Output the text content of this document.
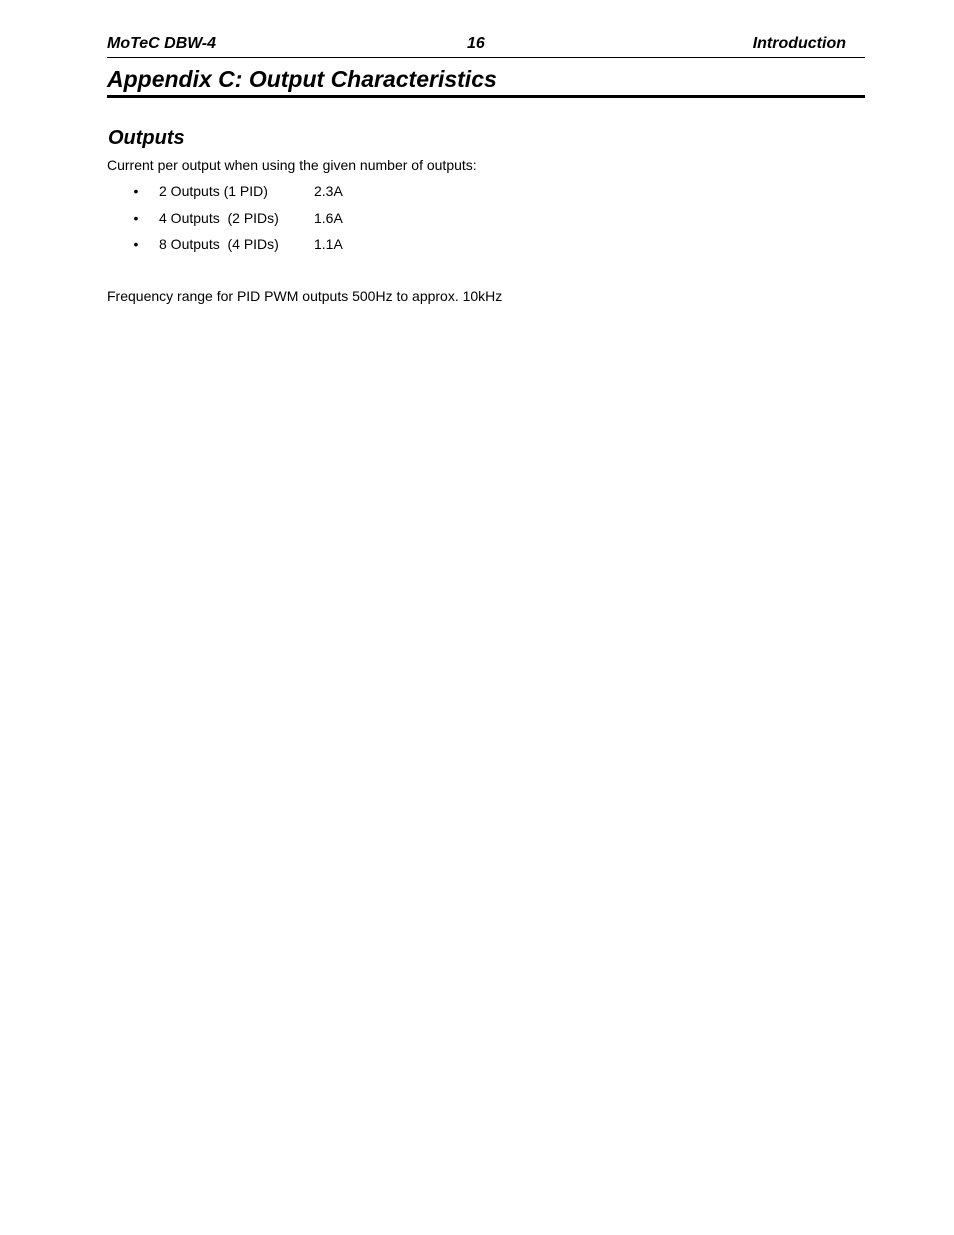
MoTeC DBW-4	16	Introduction
Appendix C: Output Characteristics
Outputs
Current per output when using the given number of outputs:
• 2 Outputs (1 PID)	2.3A
• 4 Outputs  (2 PIDs)	1.6A
• 8 Outputs  (4 PIDs)	1.1A
Frequency range for PID PWM outputs 500Hz to approx. 10kHz
